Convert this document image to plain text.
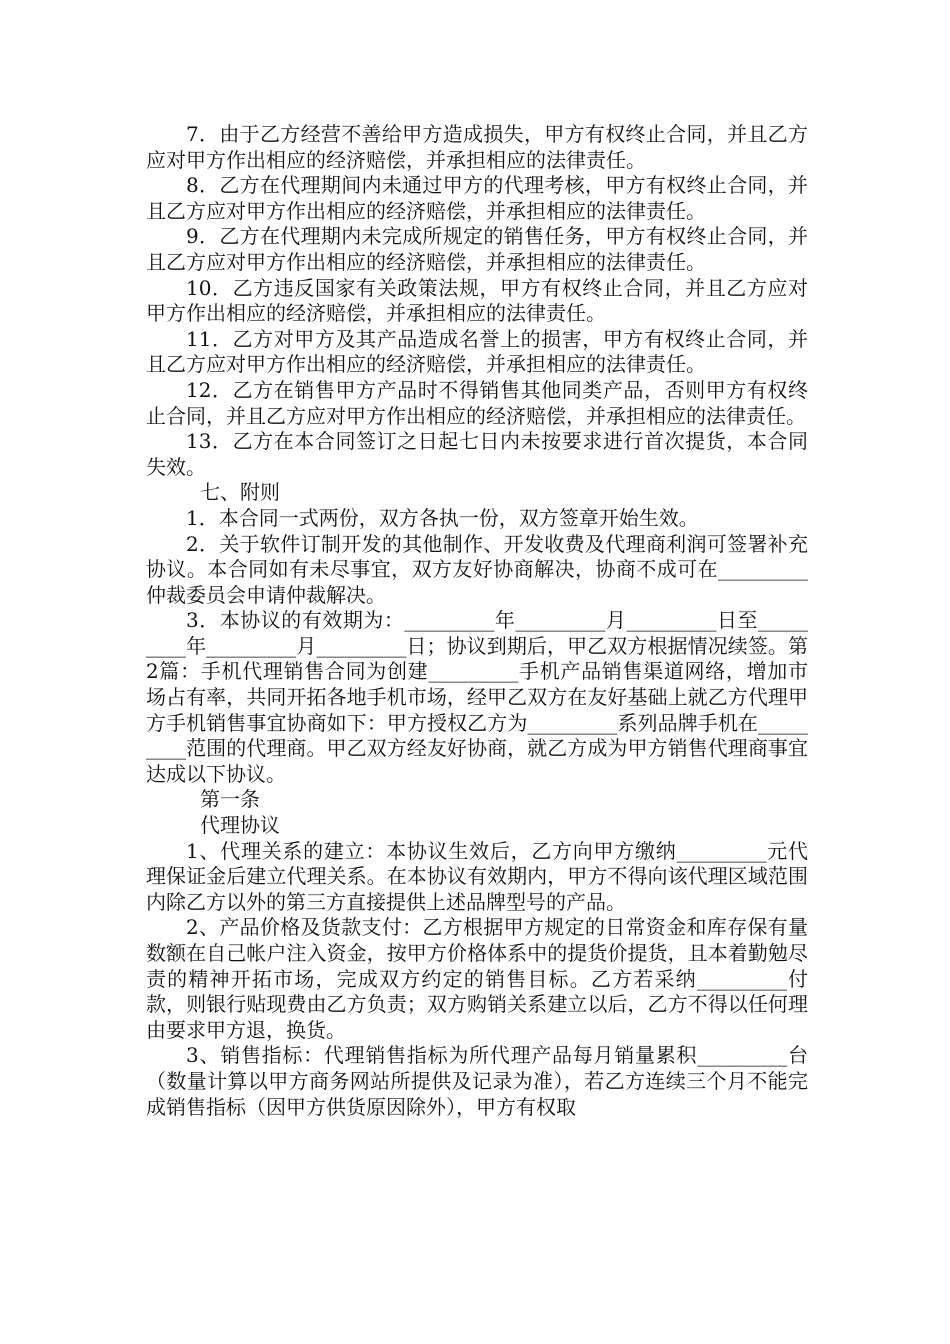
7．由于乙方经营不善给甲方造成损失，甲方有权终止合同，并且乙方应对甲方作出相应的经济赔偿，并承担相应的法律责任。

8．乙方在代理期间内未通过甲方的代理考核，甲方有权终止合同，并且乙方应对甲方作出相应的经济赔偿，并承担相应的法律责任。

9．乙方在代理期内未完成所规定的销售任务，甲方有权终止合同，并且乙方应对甲方作出相应的经济赔偿，并承担相应的法律责任。

10．乙方违反国家有关政策法规，甲方有权终止合同，并且乙方应对甲方作出相应的经济赔偿，并承担相应的法律责任。

11．乙方对甲方及其产品造成名誉上的损害，甲方有权终止合同，并且乙方应对甲方作出相应的经济赔偿，并承担相应的法律责任。

12．乙方在销售甲方产品时不得销售其他同类产品，否则甲方有权终止合同，并且乙方应对甲方作出相应的经济赔偿，并承担相应的法律责任。

13．乙方在本合同签订之日起七日内未按要求进行首次提货，本合同失效。

七、附则

1．本合同一式两份，双方各执一份，双方签章开始生效。

2．关于软件订制开发的其他制作、开发收费及代理商利润可签署补充协议。本合同如有未尽事宜，双方友好协商解决，协商不成可在_________仲裁委员会申请仲裁解决。

3．本协议的有效期为：_________年_________月_________日至_________年_________月_________日；协议到期后，甲乙双方根据情况续签。第2篇：手机代理销售合同为创建_________手机产品销售渠道网络，增加市场占有率，共同开拓各地手机市场，经甲乙双方在友好基础上就乙方代理甲方手机销售事宜协商如下：甲方授权乙方为_________系列品牌手机在_________范围的代理商。甲乙双方经友好协商，就乙方成为甲方销售代理商事宜达成以下协议。

第一条

代理协议

1、代理关系的建立：本协议生效后，乙方向甲方缴纳_________元代理保证金后建立代理关系。在本协议有效期内，甲方不得向该代理区域范围内除乙方以外的第三方直接提供上述品牌型号的产品。

2、产品价格及货款支付：乙方根据甲方规定的日常资金和库存保有量数额在自己帐户注入资金，按甲方价格体系中的提货价提货，且本着勤勉尽责的精神开拓市场，完成双方约定的销售目标。乙方若采纳_________付款，则银行贴现费由乙方负责；双方购销关系建立以后，乙方不得以任何理由要求甲方退，换货。

3、销售指标：代理销售指标为所代理产品每月销量累积_________台（数量计算以甲方商务网站所提供及记录为准），若乙方连续三个月不能完成销售指标（因甲方供货原因除外），甲方有权取
